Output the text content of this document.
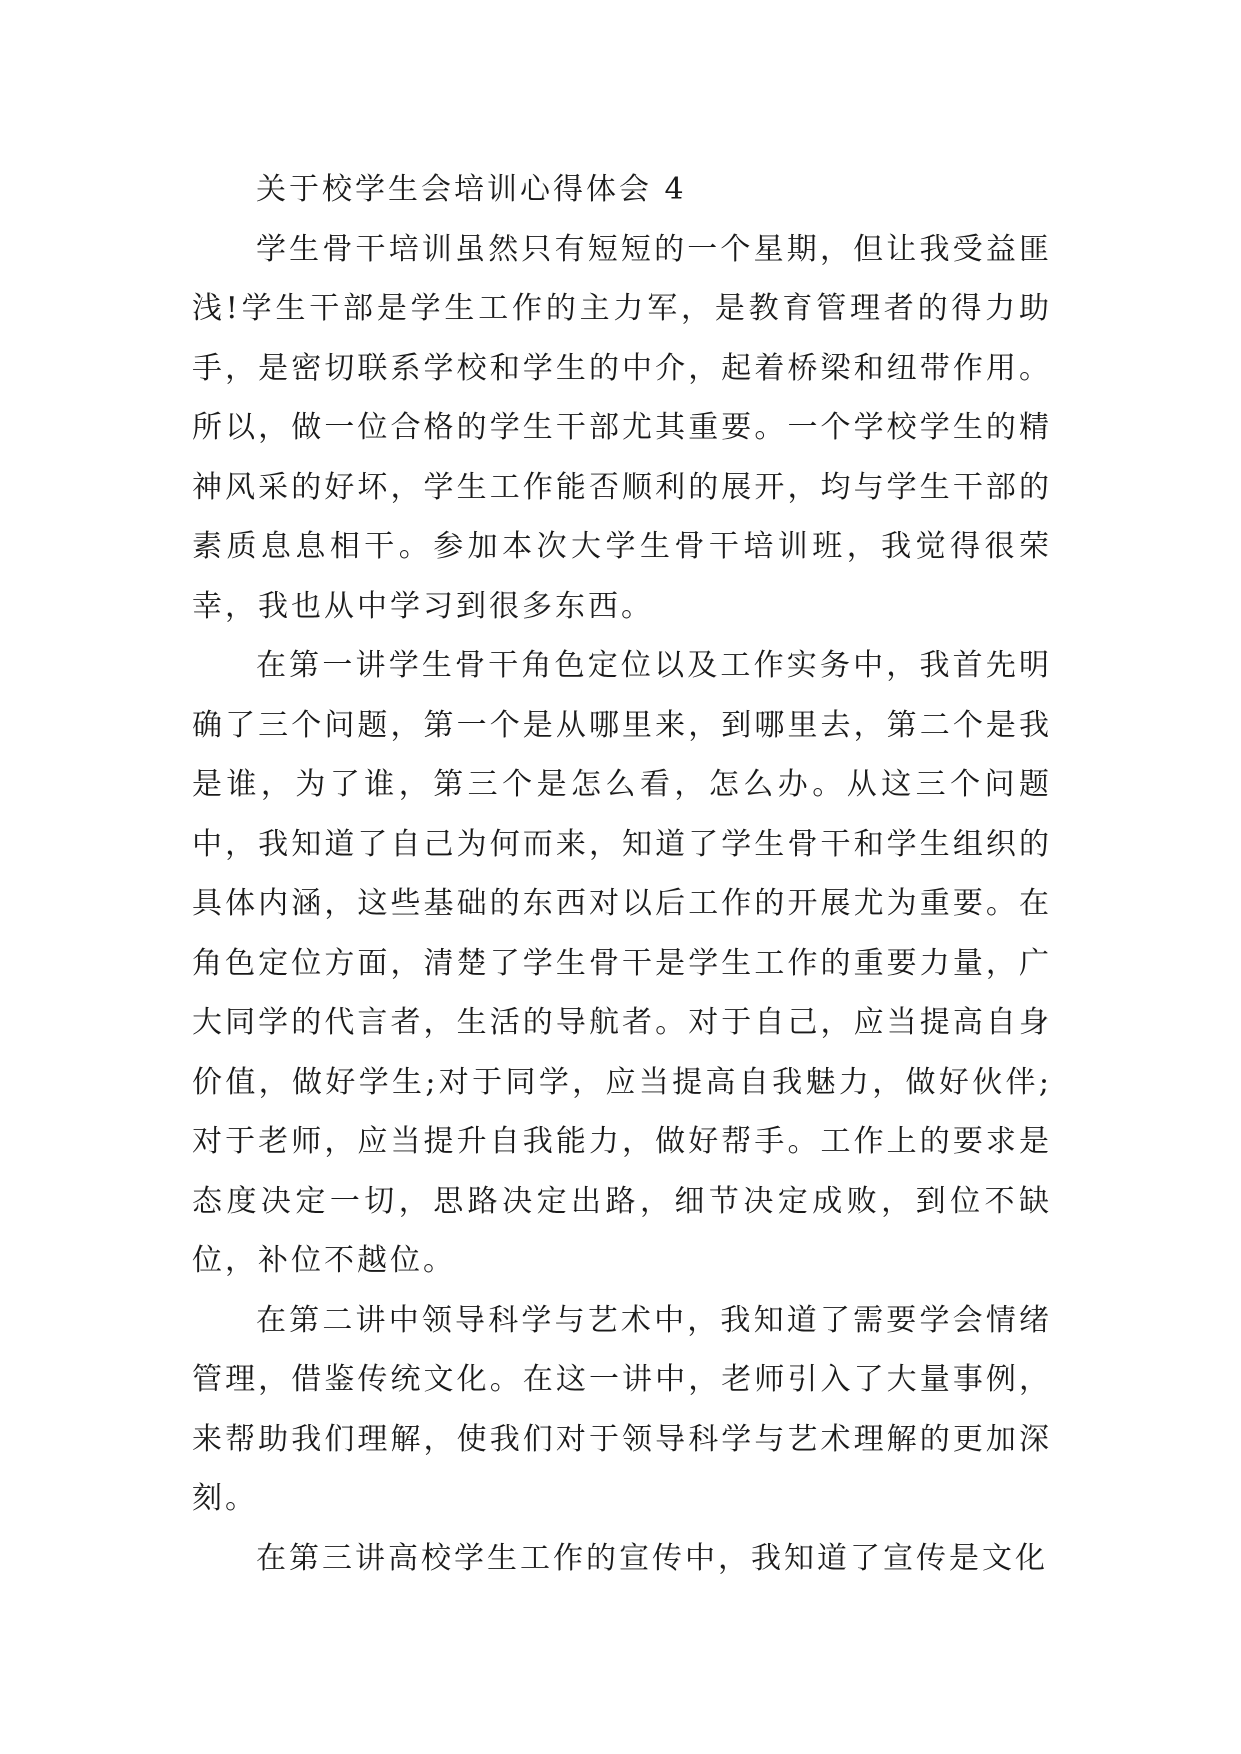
关于校学生会培训心得体会 4

学生骨干培训虽然只有短短的一个星期，但让我受益匪浅!学生干部是学生工作的主力军，是教育管理者的得力助手，是密切联系学校和学生的中介，起着桥梁和纽带作用。所以，做一位合格的学生干部尤其重要。一个学校学生的精神风采的好坏，学生工作能否顺利的展开，均与学生干部的素质息息相干。参加本次大学生骨干培训班，我觉得很荣幸，我也从中学习到很多东西。

在第一讲学生骨干角色定位以及工作实务中，我首先明确了三个问题，第一个是从哪里来，到哪里去，第二个是我是谁，为了谁，第三个是怎么看，怎么办。从这三个问题中，我知道了自己为何而来，知道了学生骨干和学生组织的具体内涵，这些基础的东西对以后工作的开展尤为重要。在角色定位方面，清楚了学生骨干是学生工作的重要力量，广大同学的代言者，生活的导航者。对于自己，应当提高自身价值，做好学生;对于同学，应当提高自我魅力，做好伙伴;对于老师，应当提升自我能力，做好帮手。工作上的要求是态度决定一切，思路决定出路，细节决定成败，到位不缺位，补位不越位。

在第二讲中领导科学与艺术中，我知道了需要学会情绪管理，借鉴传统文化。在这一讲中，老师引入了大量事例，来帮助我们理解，使我们对于领导科学与艺术理解的更加深刻。

在第三讲高校学生工作的宣传中，我知道了宣传是文化
